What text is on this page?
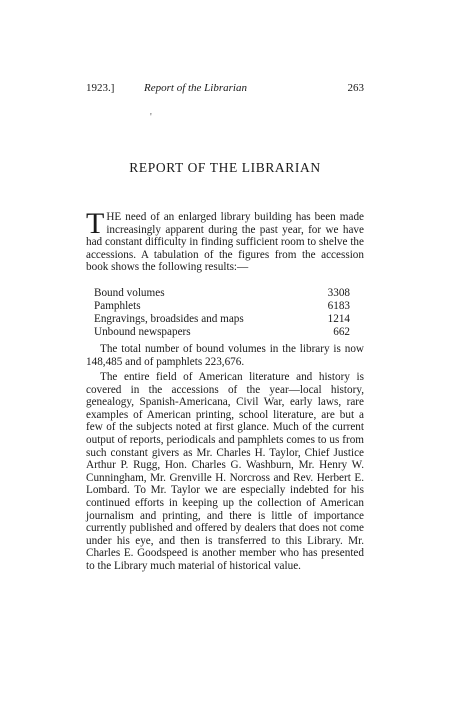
1923.]	Report of the Librarian	263
'
REPORT OF THE LIBRARIAN

THE need of an enlarged library building has been made increasingly apparent during the past year, for we have had constant difficulty in finding sufficient room to shelve the accessions. A tabulation of the figures from the accession book shows the following results:—

Bound volumes	3308
Pamphlets	6183
Engravings, broadsides and maps	1214
Unbound newspapers	662

The total number of bound volumes in the library is now 148,485 and of pamphlets 223,676.

The entire field of American literature and history is covered in the accessions of the year—local history, genealogy, Spanish-Americana, Civil War, early laws, rare examples of American printing, school literature, are but a few of the subjects noted at first glance. Much of the current output of reports, periodicals and pamphlets comes to us from such constant givers as Mr. Charles H. Taylor, Chief Justice Arthur P. Rugg, Hon. Charles G. Washburn, Mr. Henry W. Cunningham, Mr. Grenville H. Norcross and Rev. Herbert E. Lombard. To Mr. Taylor we are especially indebted for his continued efforts in keeping up the collection of American journalism and printing, and there is little of importance currently published and offered by dealers that does not come under his eye, and then is transferred to this Library. Mr. Charles E. Goodspeed is another member who has presented to the Library much material of historical value.
